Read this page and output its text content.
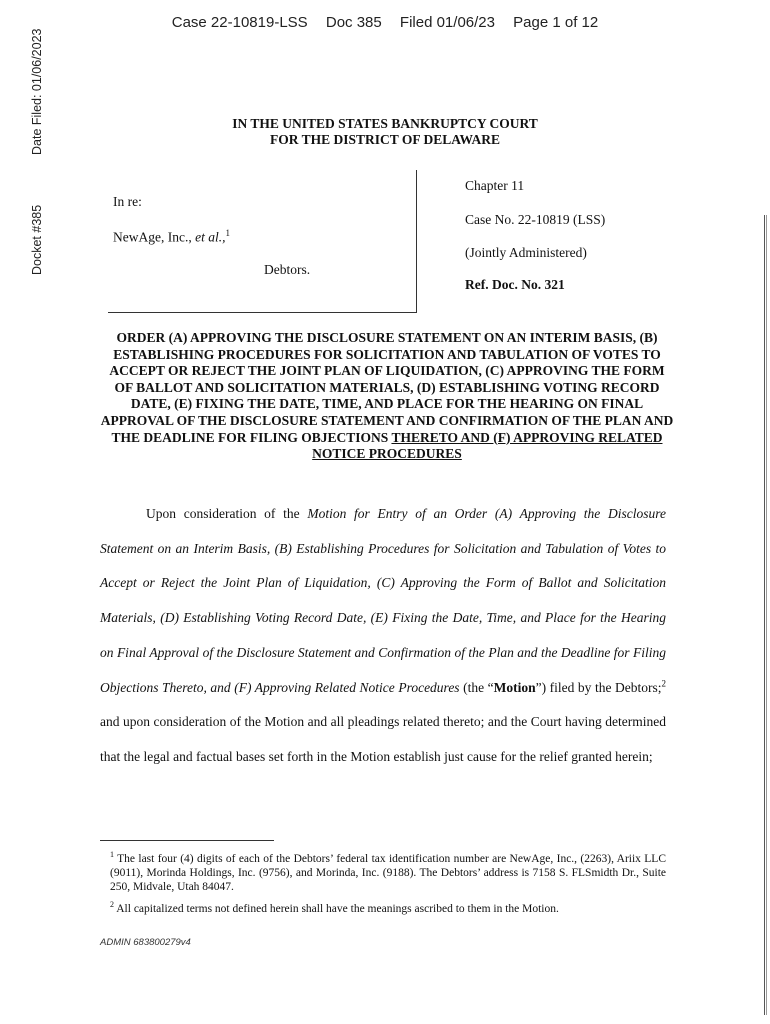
Case 22-10819-LSS Doc 385 Filed 01/06/23 Page 1 of 12
Date Filed: 01/06/2023
Docket #385
IN THE UNITED STATES BANKRUPTCY COURT
FOR THE DISTRICT OF DELAWARE
In re:
NewAge, Inc., et al.,$^1$
Debtors.
Chapter 11
Case No. 22-10819 (LSS)
(Jointly Administered)
Ref. Doc. No. 321
ORDER (A) APPROVING THE DISCLOSURE STATEMENT ON AN INTERIM BASIS, (B) ESTABLISHING PROCEDURES FOR SOLICITATION AND TABULATION OF VOTES TO ACCEPT OR REJECT THE JOINT PLAN OF LIQUIDATION, (C) APPROVING THE FORM OF BALLOT AND SOLICITATION MATERIALS, (D) ESTABLISHING VOTING RECORD DATE, (E) FIXING THE DATE, TIME, AND PLACE FOR THE HEARING ON FINAL APPROVAL OF THE DISCLOSURE STATEMENT AND CONFIRMATION OF THE PLAN AND THE DEADLINE FOR FILING OBJECTIONS THERETO AND (F) APPROVING RELATED NOTICE PROCEDURES

Upon consideration of the Motion for Entry of an Order (A) Approving the Disclosure Statement on an Interim Basis, (B) Establishing Procedures for Solicitation and Tabulation of Votes to Accept or Reject the Joint Plan of Liquidation, (C) Approving the Form of Ballot and Solicitation Materials, (D) Establishing Voting Record Date, (E) Fixing the Date, Time, and Place for the Hearing on Final Approval of the Disclosure Statement and Confirmation of the Plan and the Deadline for Filing Objections Thereto, and (F) Approving Related Notice Procedures (the “Motion”) filed by the Debtors;$^2$ and upon consideration of the Motion and all pleadings related thereto; and the Court having determined that the legal and factual bases set forth in the Motion establish just cause for the relief granted herein;

$^1$ The last four (4) digits of each of the Debtors’ federal tax identification number are NewAge, Inc., (2263), Ariix LLC (9011), Morinda Holdings, Inc. (9756), and Morinda, Inc. (9188). The Debtors’ address is 7158 S. FLSmidth Dr., Suite 250, Midvale, Utah 84047.
$^2$ All capitalized terms not defined herein shall have the meanings ascribed to them in the Motion.
ADMIN 683800279v4
